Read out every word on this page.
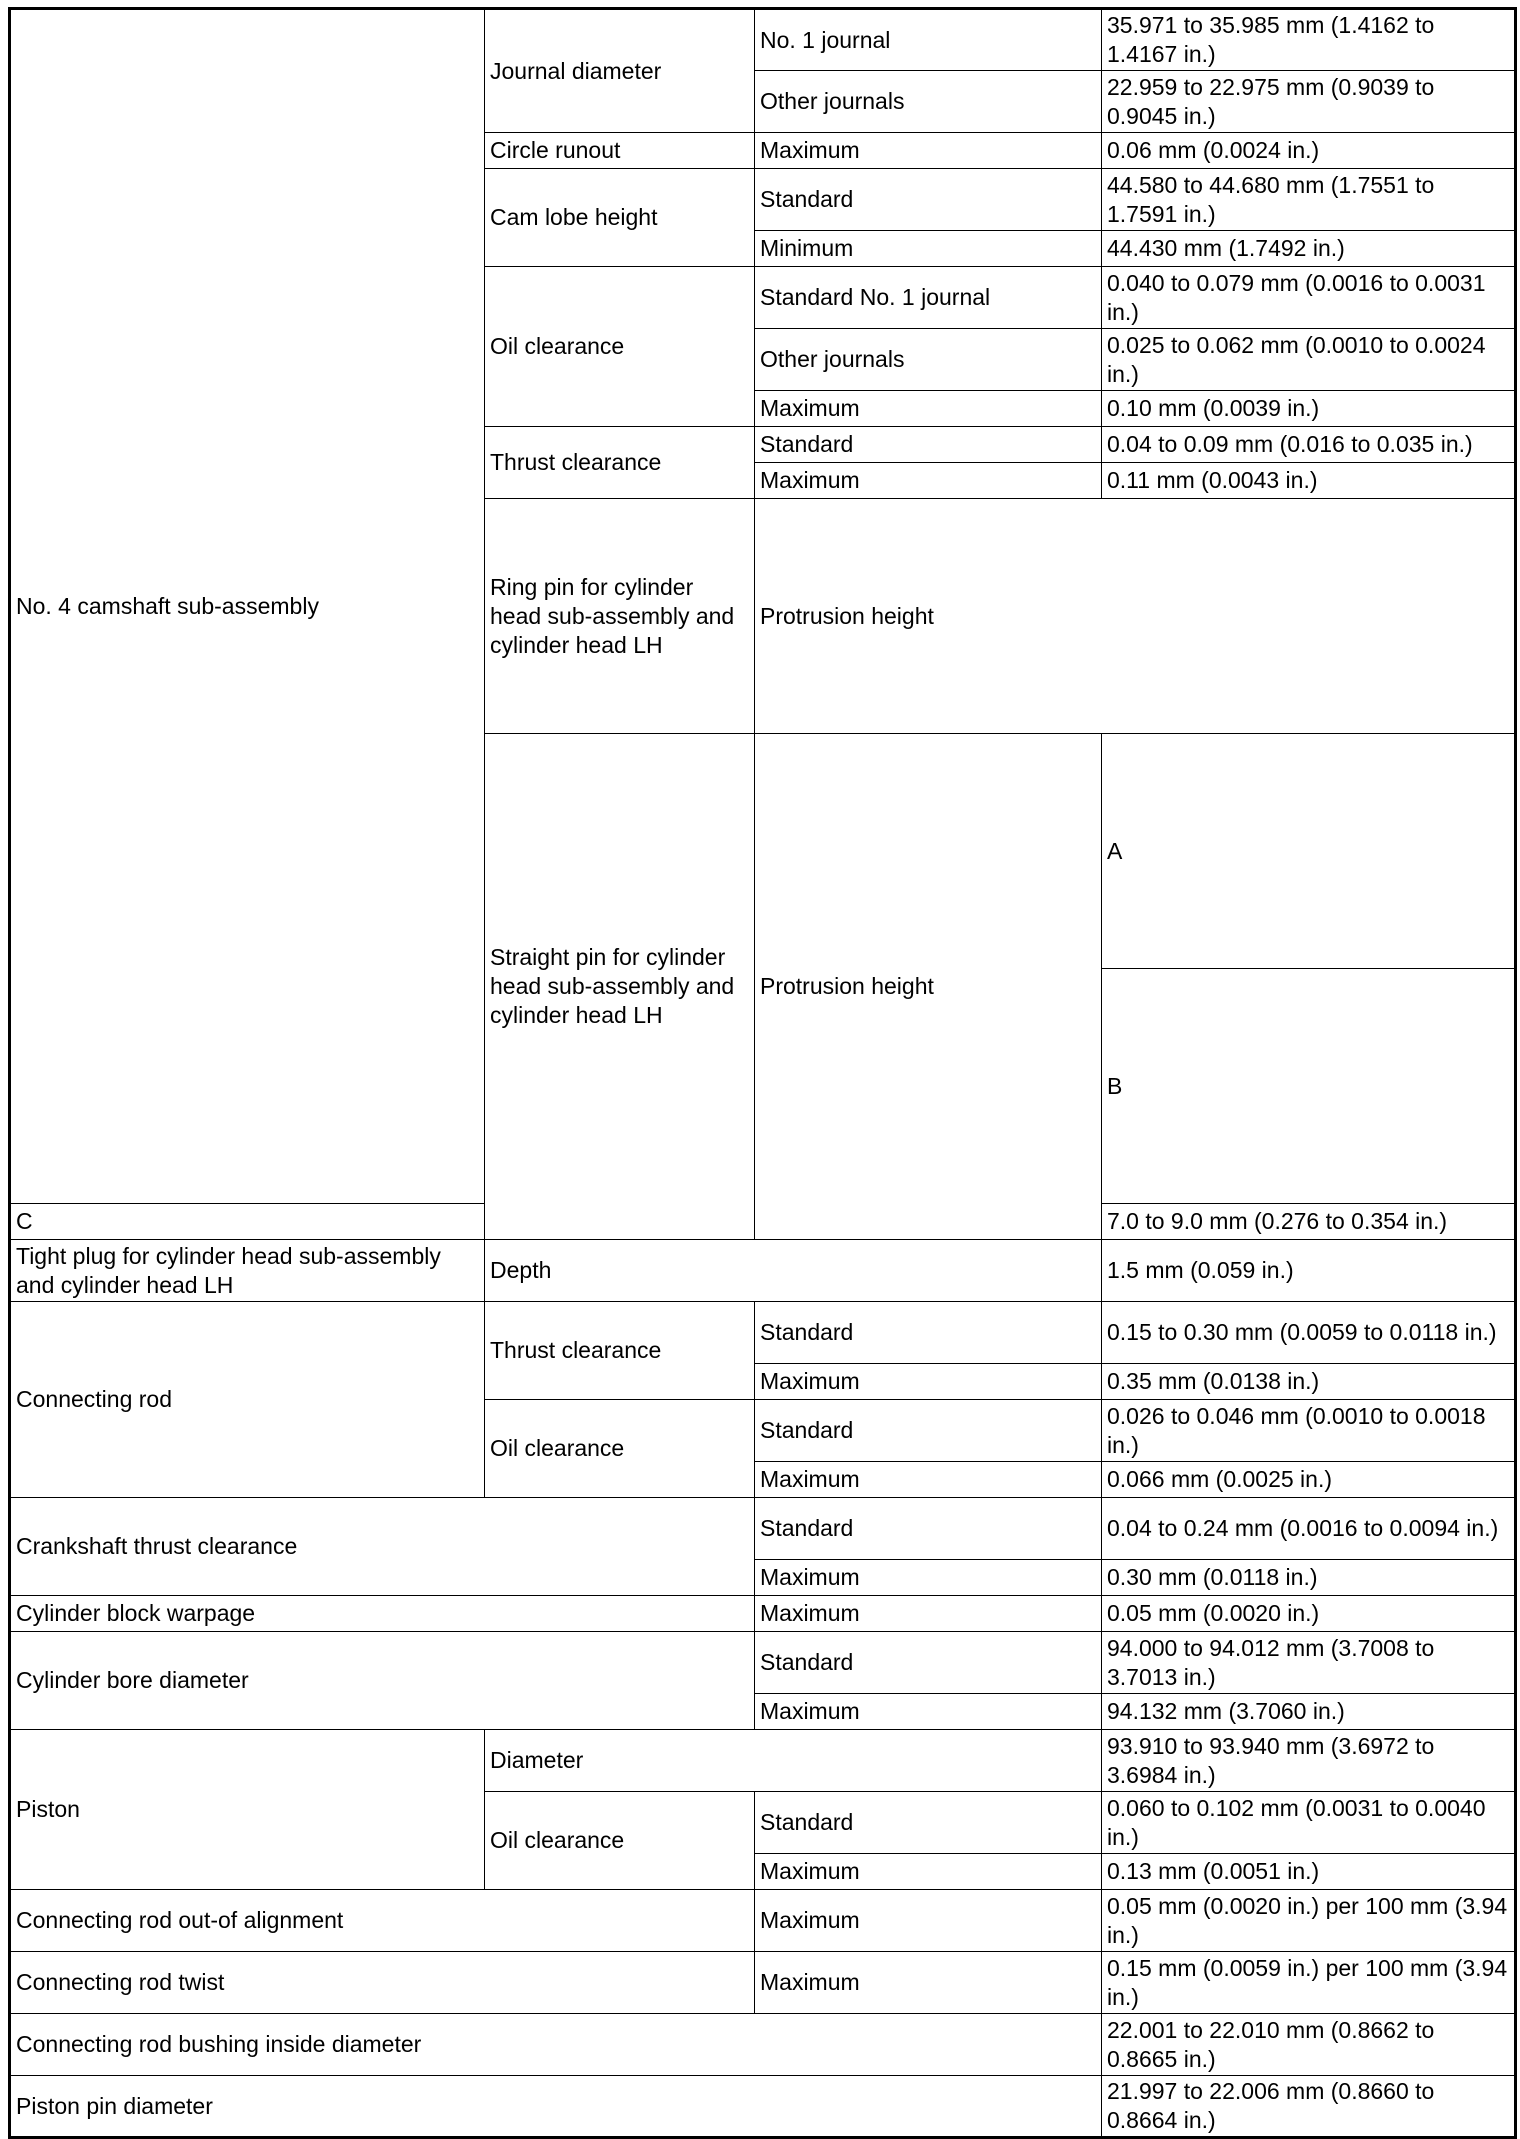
No. 4 camshaft sub-assembly	Journal diameter	No. 1 journal	35.971 to 35.985 mm (1.4162 to 1.4167 in.)	
		Other journals	22.959 to 22.975 mm (0.9039 to 0.9045 in.)	
	Circle runout	Maximum	0.06 mm (0.0024 in.)	
	Cam lobe height	Standard	44.580 to 44.680 mm (1.7551 to 1.7591 in.)	
		Minimum	44.430 mm (1.7492 in.)	
	Oil clearance	Standard No. 1 journal	0.040 to 0.079 mm (0.0016 to 0.0031 in.)	
		Other journals	0.025 to 0.062 mm (0.0010 to 0.0024 in.)	
		Maximum	0.10 mm (0.0039 in.)	
	Thrust clearance	Standard	0.04 to 0.09 mm (0.016 to 0.035 in.)	
		Maximum	0.11 mm (0.0043 in.)	
	Ring pin for cylinder head sub-assembly and cylinder head LH	Protrusion height	
	Straight pin for cylinder head sub-assembly and cylinder head LH	Protrusion height	A	
			B	
C			7.0 to 9.0 mm (0.276 to 0.354 in.)	
Tight plug for cylinder head sub-assembly and cylinder head LH	Depth		1.5 mm (0.059 in.)	
Connecting rod	Thrust clearance	Standard	0.15 to 0.30 mm (0.0059 to 0.0118 in.)	
		Maximum	0.35 mm (0.0138 in.)	
	Oil clearance	Standard	0.026 to 0.046 mm (0.0010 to 0.0018 in.)	
		Maximum	0.066 mm (0.0025 in.)	
Crankshaft thrust clearance		Standard	0.04 to 0.24 mm (0.0016 to 0.0094 in.)	
		Maximum	0.30 mm (0.0118 in.)	
Cylinder block warpage		Maximum	0.05 mm (0.0020 in.)	
Cylinder bore diameter		Standard	94.000 to 94.012 mm (3.7008 to 3.7013 in.)	
		Maximum	94.132 mm (3.7060 in.)	
Piston	Diameter		93.910 to 93.940 mm (3.6972 to 3.6984 in.)	
	Oil clearance	Standard	0.060 to 0.102 mm (0.0031 to 0.0040 in.)	
		Maximum	0.13 mm (0.0051 in.)	
Connecting rod out-of alignment		Maximum	0.05 mm (0.0020 in.) per 100 mm (3.94 in.)	
Connecting rod twist		Maximum	0.15 mm (0.0059 in.) per 100 mm (3.94 in.)	
Connecting rod bushing inside diameter			22.001 to 22.010 mm (0.8662 to 0.8665 in.)	
Piston pin diameter			21.997 to 22.006 mm (0.8660 to 0.8664 in.)	
